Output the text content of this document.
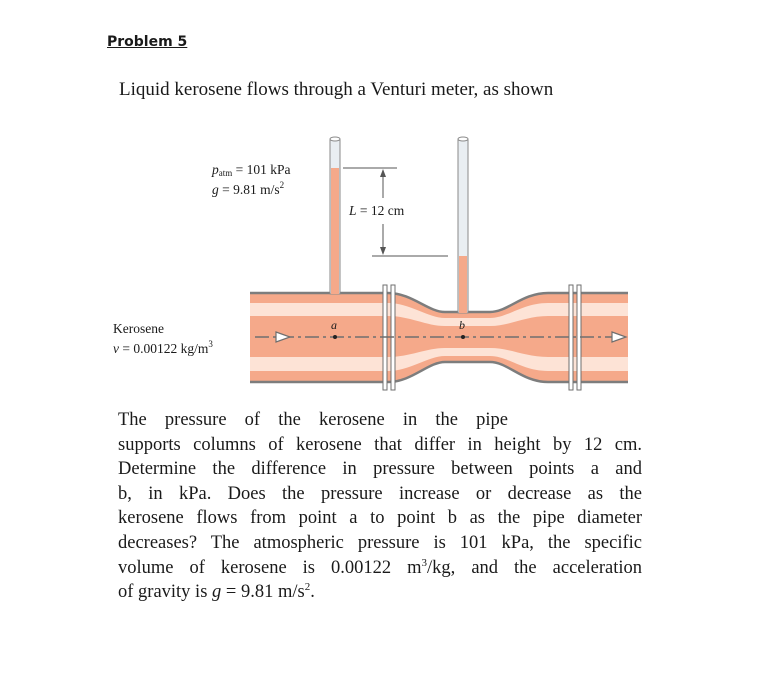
Problem 5
Liquid kerosene flows through a Venturi meter, as shown
$p_{atm} = 101$ kPa
g = 9.81 $m/s^2$
L = 12 cm
Kerosene
v = 0.00122 $kg/m^3$
a	b
The pressure of the kerosene in the pipe
supports columns of kerosene that differ in height by 12 cm.
Determine the difference in pressure between points a and
b, in kPa. Does the pressure increase or decrease as the
kerosene flows from point a to point b as the pipe diameter
decreases? The atmospheric pressure is 101 kPa, the specific
volume of kerosene is 0.00122 $m^3/kg$, and the acceleration
of gravity is g = 9.81 $m/s^2$.
